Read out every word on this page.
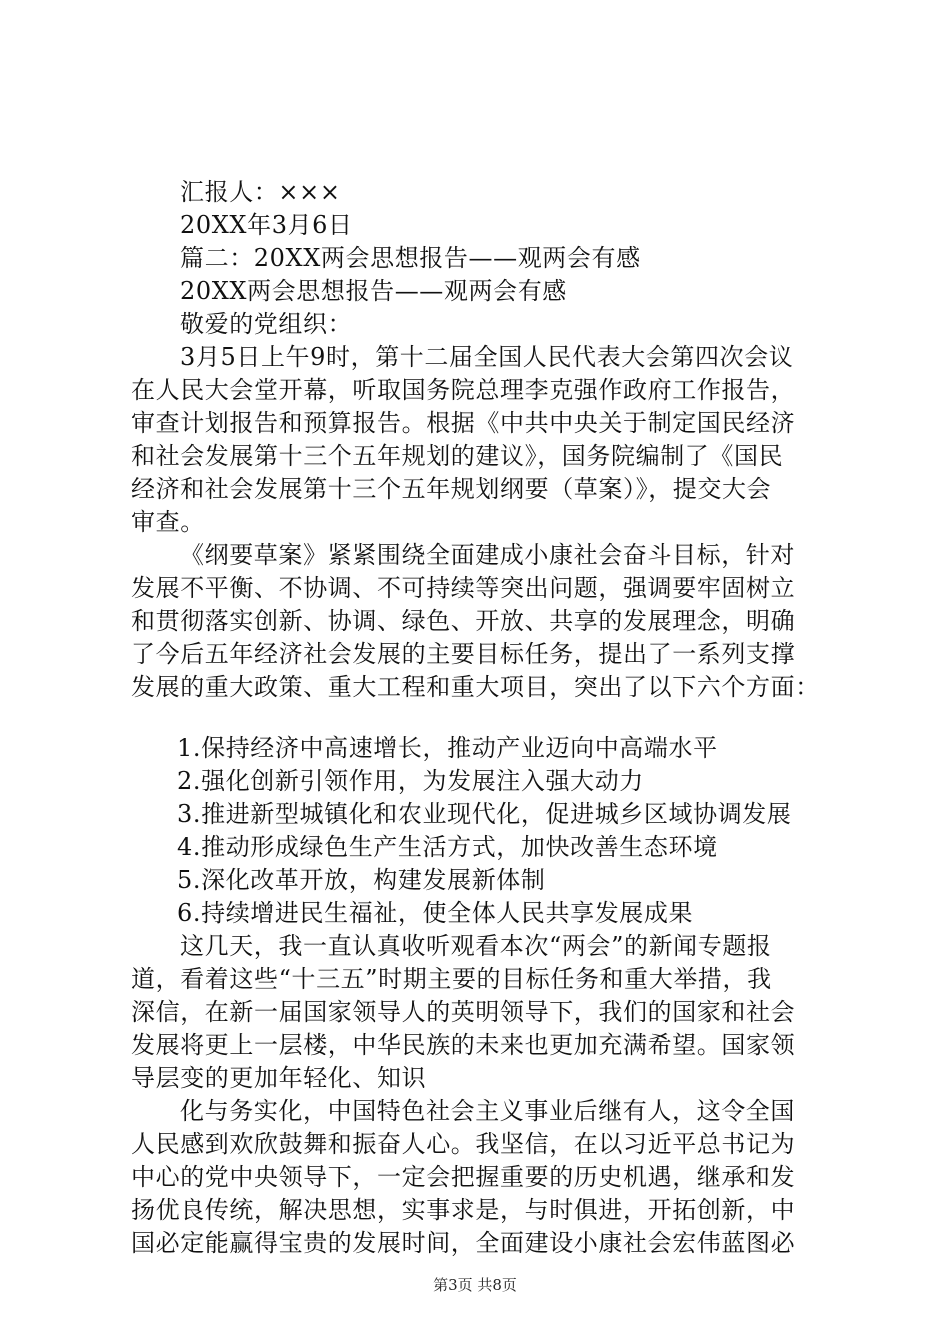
汇报人：×××
20XX年3月6日
篇二：20XX两会思想报告——观两会有感
20XX两会思想报告——观两会有感
敬爱的党组织：
3月5日上午9时，第十二届全国人民代表大会第四次会议
在人民大会堂开幕，听取国务院总理李克强作政府工作报告，
审查计划报告和预算报告。根据《中共中央关于制定国民经济
和社会发展第十三个五年规划的建议》，国务院编制了《国民
经济和社会发展第十三个五年规划纲要（草案）》，提交大会
审查。
《纲要草案》紧紧围绕全面建成小康社会奋斗目标，针对
发展不平衡、不协调、不可持续等突出问题，强调要牢固树立
和贯彻落实创新、协调、绿色、开放、共享的发展理念，明确
了今后五年经济社会发展的主要目标任务，提出了一系列支撑
发展的重大政策、重大工程和重大项目，突出了以下六个方面：
1.保持经济中高速增长，推动产业迈向中高端水平
2.强化创新引领作用，为发展注入强大动力
3.推进新型城镇化和农业现代化，促进城乡区域协调发展
4.推动形成绿色生产生活方式，加快改善生态环境
5.深化改革开放，构建发展新体制
6.持续增进民生福祉，使全体人民共享发展成果
这几天，我一直认真收听观看本次“两会”的新闻专题报
道，看着这些“十三五”时期主要的目标任务和重大举措，我
深信，在新一届国家领导人的英明领导下，我们的国家和社会
发展将更上一层楼，中华民族的未来也更加充满希望。国家领
导层变的更加年轻化、知识
化与务实化，中国特色社会主义事业后继有人，这令全国
人民感到欢欣鼓舞和振奋人心。我坚信，在以习近平总书记为
中心的党中央领导下，一定会把握重要的历史机遇，继承和发
扬优良传统，解决思想，实事求是，与时俱进，开拓创新，中
国必定能赢得宝贵的发展时间，全面建设小康社会宏伟蓝图必
第3页 共8页
